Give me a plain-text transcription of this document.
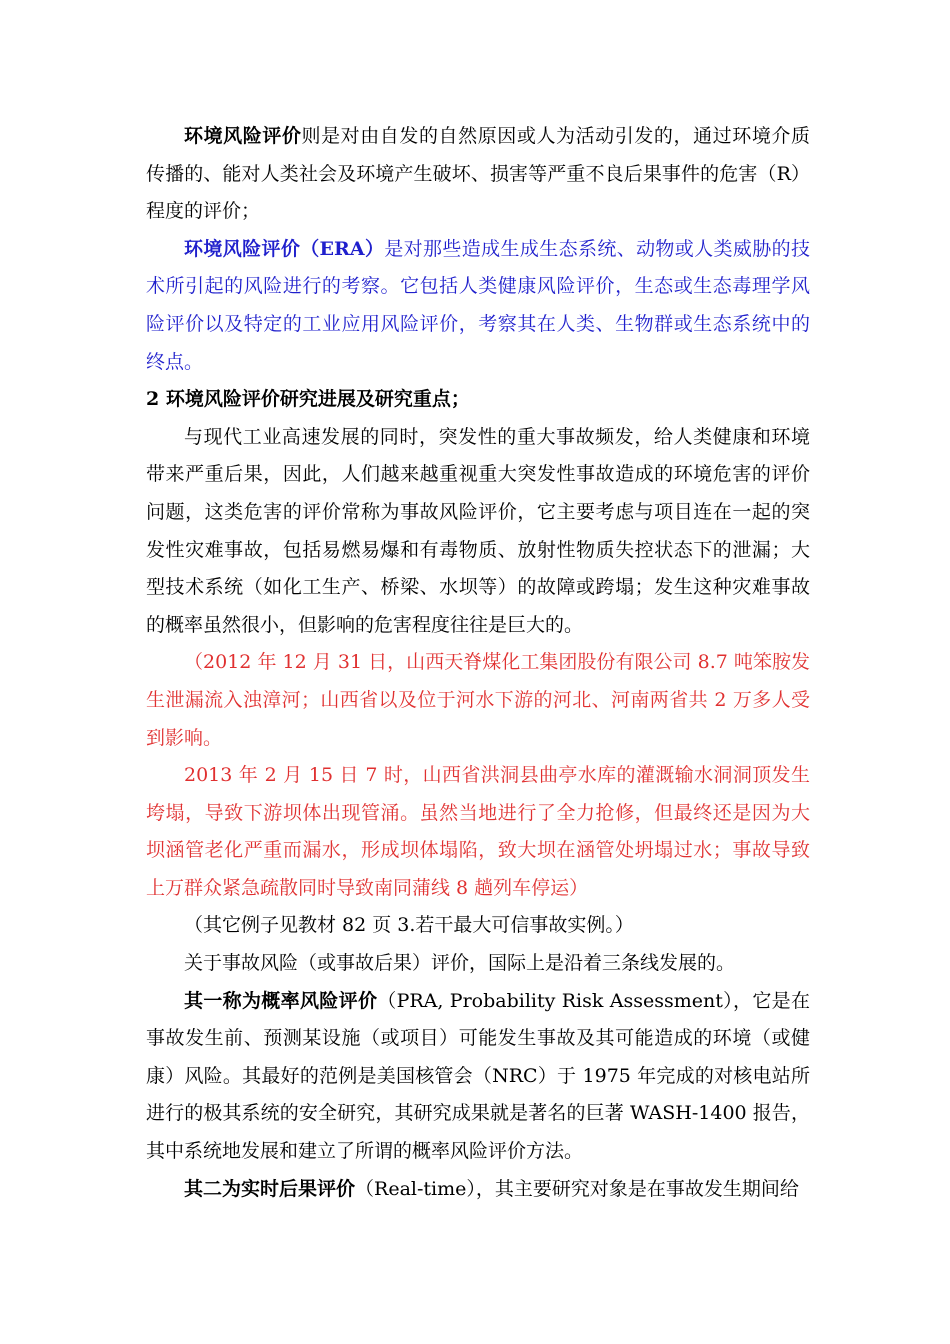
环境风险评价则是对由自发的自然原因或人为活动引发的，通过环境介质传播的、能对人类社会及环境产生破坏、损害等严重不良后果事件的危害（R）程度的评价；

环境风险评价（ERA）是对那些造成生成生态系统、动物或人类威胁的技术所引起的风险进行的考察。它包括人类健康风险评价，生态或生态毒理学风险评价以及特定的工业应用风险评价，考察其在人类、生物群或生态系统中的终点。

2 环境风险评价研究进展及研究重点；

与现代工业高速发展的同时，突发性的重大事故频发，给人类健康和环境带来严重后果，因此，人们越来越重视重大突发性事故造成的环境危害的评价问题，这类危害的评价常称为事故风险评价，它主要考虑与项目连在一起的突发性灾难事故，包括易燃易爆和有毒物质、放射性物质失控状态下的泄漏；大型技术系统（如化工生产、桥梁、水坝等）的故障或跨塌；发生这种灾难事故的概率虽然很小，但影响的危害程度往往是巨大的。

（2012 年 12 月 31 日，山西天脊煤化工集团股份有限公司 8.7 吨笨胺发生泄漏流入浊漳河；山西省以及位于河水下游的河北、河南两省共 2 万多人受到影响。

2013 年 2 月 15 日 7 时，山西省洪洞县曲亭水库的灌溉输水洞洞顶发生垮塌，导致下游坝体出现管涌。虽然当地进行了全力抢修，但最终还是因为大坝涵管老化严重而漏水，形成坝体塌陷，致大坝在涵管处坍塌过水；事故导致上万群众紧急疏散同时导致南同蒲线 8 趟列车停运）

（其它例子见教材 82 页 3.若干最大可信事故实例。）

关于事故风险（或事故后果）评价，国际上是沿着三条线发展的。

其一称为概率风险评价（PRA, Probability Risk Assessment），它是在事故发生前、预测某设施（或项目）可能发生事故及其可能造成的环境（或健康）风险。其最好的范例是美国核管会（NRC）于 1975 年完成的对核电站所进行的极其系统的安全研究，其研究成果就是著名的巨著 WASH-1400 报告，其中系统地发展和建立了所谓的概率风险评价方法。

其二为实时后果评价（Real-time），其主要研究对象是在事故发生期间给
